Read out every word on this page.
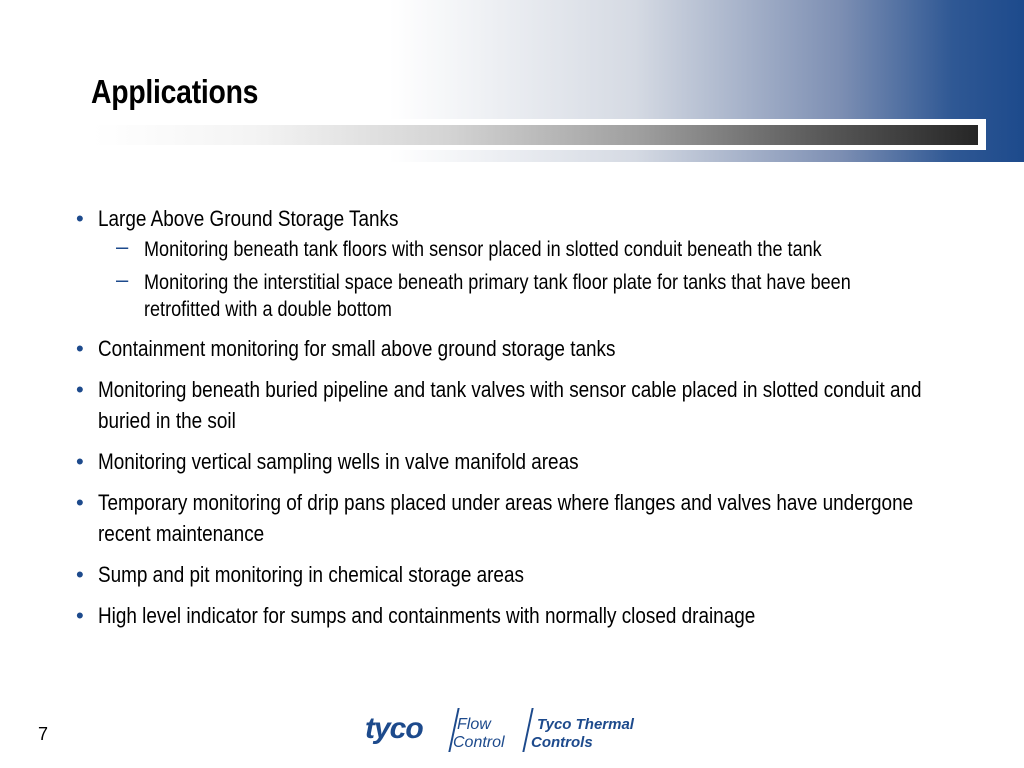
Applications
• Large Above Ground Storage Tanks
– Monitoring beneath tank floors with sensor placed in slotted conduit beneath the tank
– Monitoring the interstitial space beneath primary tank floor plate for tanks that have been retrofitted with a double bottom
• Containment monitoring for small above ground storage tanks
• Monitoring beneath buried pipeline and tank valves with sensor cable placed in slotted conduit and buried in the soil
• Monitoring vertical sampling wells in valve manifold areas
• Temporary monitoring of drip pans placed under areas where flanges and valves have undergone recent maintenance
• Sump and pit monitoring in chemical storage areas
• High level indicator for sumps and containments with normally closed drainage
7	tyco Flow
Control
Tyco Thermal
Controls
